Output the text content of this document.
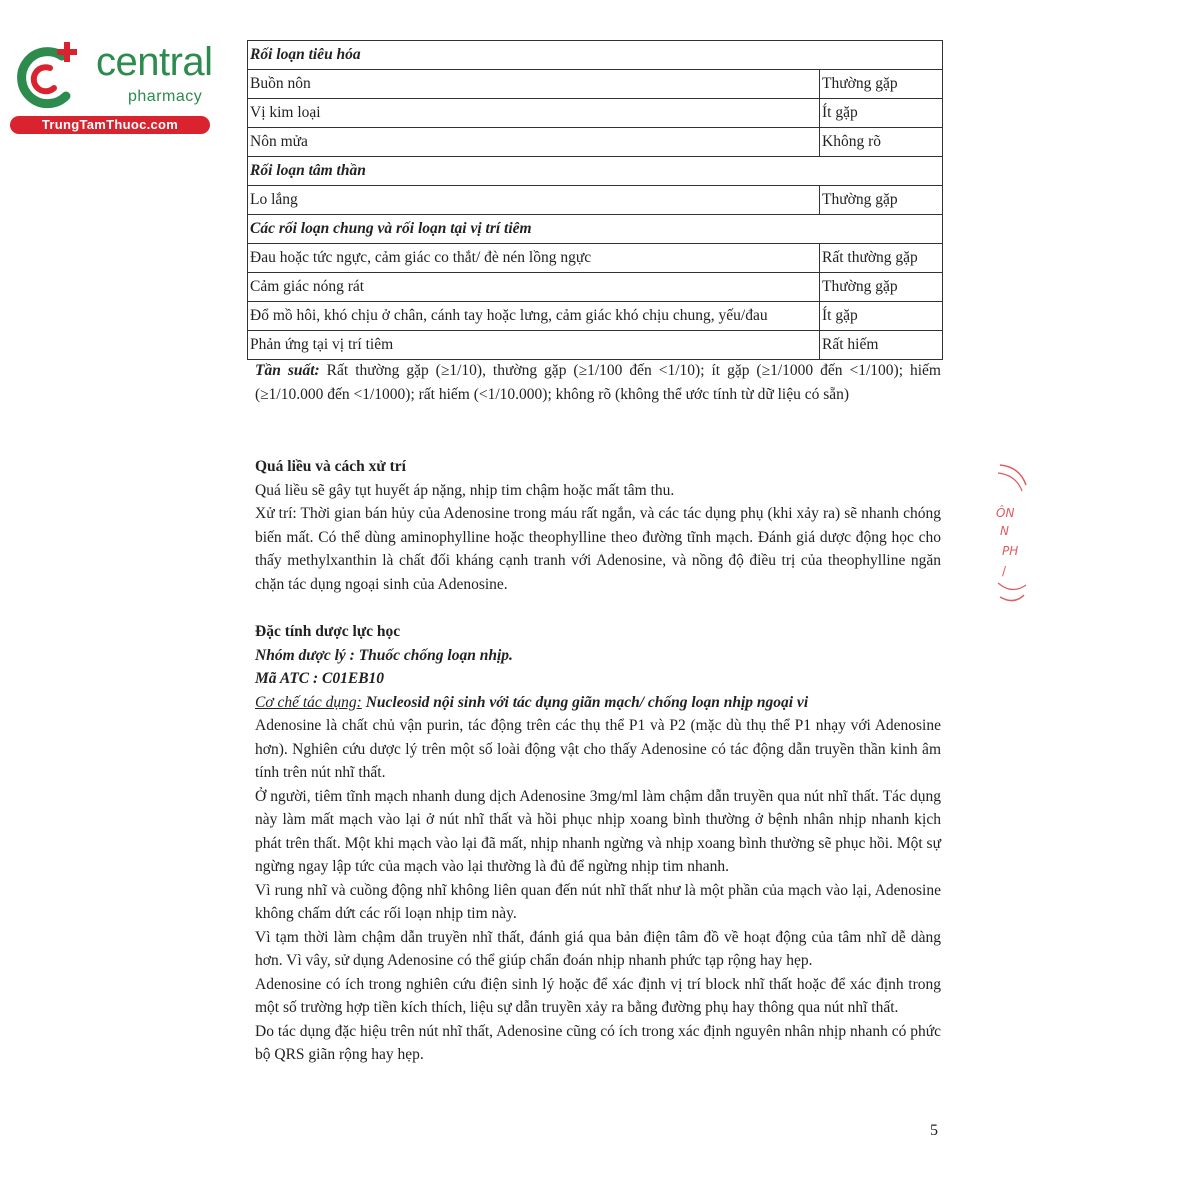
central
pharmacy
TrungTamThuoc.com
Rối loạn tiêu hóa	
Buồn nôn	Thường gặp
Vị kim loại	Ít gặp
Nôn mửa	Không rõ
Rối loạn tâm thần	
Lo lắng	Thường gặp
Các rối loạn chung và rối loạn tại vị trí tiêm	
Đau hoặc tức ngực, cảm giác co thắt/ đè nén lồng ngực	Rất thường gặp
Cảm giác nóng rát	Thường gặp
Đổ mồ hôi, khó chịu ở chân, cánh tay hoặc lưng, cảm giác khó chịu chung, yếu/đau	Ít gặp
Phản ứng tại vị trí tiêm	Rất hiếm

Tần suất: Rất thường gặp (≥1/10), thường gặp (≥1/100 đến <1/10); ít gặp (≥1/1000 đến <1/100); hiếm (≥1/10.000 đến <1/1000); rất hiếm (<1/10.000); không rõ (không thể ước tính từ dữ liệu có sẵn)

Quá liều và cách xử trí

Quá liều sẽ gây tụt huyết áp nặng, nhịp tim chậm hoặc mất tâm thu.

Xử trí: Thời gian bán hủy của Adenosine trong máu rất ngắn, và các tác dụng phụ (khi xảy ra) sẽ nhanh chóng biến mất. Có thể dùng aminophylline hoặc theophylline theo đường tĩnh mạch. Đánh giá dược động học cho thấy methylxanthin là chất đối kháng cạnh tranh với Adenosine, và nồng độ điều trị của theophylline ngăn chặn tác dụng ngoại sinh của Adenosine.

Đặc tính dược lực học

Nhóm dược lý : Thuốc chống loạn nhịp.

Mã ATC : C01EB10

Cơ chế tác dụng: Nucleosid nội sinh với tác dụng giãn mạch/ chống loạn nhịp ngoại vi

Adenosine là chất chủ vận purin, tác động trên các thụ thể P1 và P2 (mặc dù thụ thể P1 nhạy với Adenosine hơn). Nghiên cứu dược lý trên một số loài động vật cho thấy Adenosine có tác động dẫn truyền thần kinh âm tính trên nút nhĩ thất.

Ở người, tiêm tĩnh mạch nhanh dung dịch Adenosine 3mg/ml làm chậm dẫn truyền qua nút nhĩ thất. Tác dụng này làm mất mạch vào lại ở nút nhĩ thất và hồi phục nhịp xoang bình thường ở bệnh nhân nhịp nhanh kịch phát trên thất. Một khi mạch vào lại đã mất, nhịp nhanh ngừng và nhịp xoang bình thường sẽ phục hồi. Một sự ngừng ngay lập tức của mạch vào lại thường là đủ để ngừng nhịp tim nhanh.

Vì rung nhĩ và cuồng động nhĩ không liên quan đến nút nhĩ thất như là một phần của mạch vào lại, Adenosine không chấm dứt các rối loạn nhịp tim này.

Vì tạm thời làm chậm dẫn truyền nhĩ thất, đánh giá qua bản điện tâm đồ về hoạt động của tâm nhĩ dễ dàng hơn. Vì vây, sử dụng Adenosine có thể giúp chẩn đoán nhịp nhanh phức tạp rộng hay hẹp.

Adenosine có ích trong nghiên cứu điện sinh lý hoặc để xác định vị trí block nhĩ thất hoặc để xác định trong một số trường hợp tiền kích thích, liệu sự dẫn truyền xảy ra bằng đường phụ hay thông qua nút nhĩ thất.

Do tác dụng đặc hiệu trên nút nhĩ thất, Adenosine cũng có ích trong xác định nguyên nhân nhịp nhanh có phức bộ QRS giãn rộng hay hẹp.

ÔN
N
PH
/
5
